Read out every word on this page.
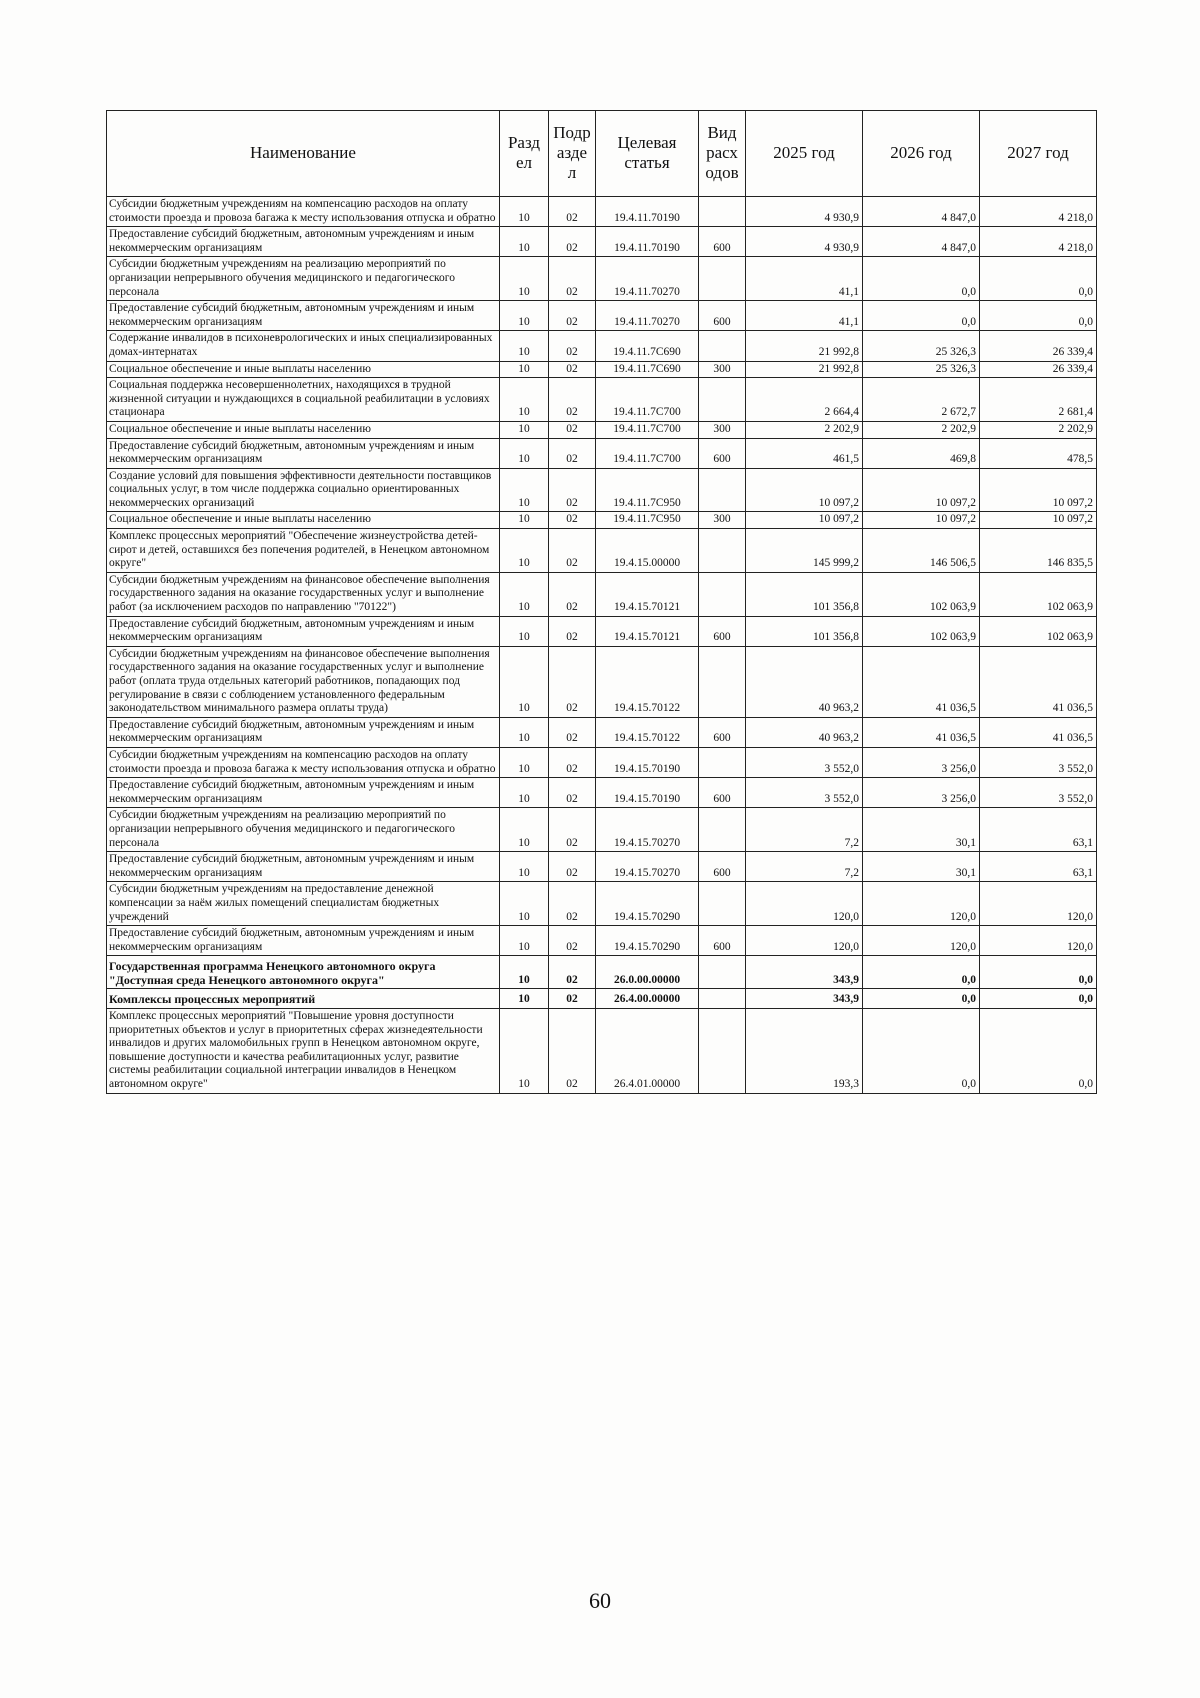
Наименование	Разд ел	Подр азде л	Целевая статья	Вид расх одов	2025 год	2026 год	2027 год
Субсидии бюджетным учреждениям на компенсацию расходов на оплату стоимости проезда и провоза багажа к месту использования отпуска и обратно	10	02	19.4.11.70190		4 930,9	4 847,0	4 218,0
Предоставление субсидий бюджетным, автономным учреждениям и иным некоммерческим организациям	10	02	19.4.11.70190	600	4 930,9	4 847,0	4 218,0
Субсидии бюджетным учреждениям на реализацию мероприятий по организации непрерывного обучения медицинского и педагогического персонала	10	02	19.4.11.70270		41,1	0,0	0,0
Предоставление субсидий бюджетным, автономным учреждениям и иным некоммерческим организациям	10	02	19.4.11.70270	600	41,1	0,0	0,0
Содержание инвалидов в психоневрологических и иных специализированных домах-интернатах	10	02	19.4.11.7С690		21 992,8	25 326,3	26 339,4
Социальное обеспечение и иные выплаты населению	10	02	19.4.11.7С690	300	21 992,8	25 326,3	26 339,4
Социальная поддержка несовершеннолетних, находящихся в трудной жизненной ситуации и нуждающихся в социальной реабилитации в условиях стационара	10	02	19.4.11.7С700		2 664,4	2 672,7	2 681,4
Социальное обеспечение и иные выплаты населению	10	02	19.4.11.7С700	300	2 202,9	2 202,9	2 202,9
Предоставление субсидий бюджетным, автономным учреждениям и иным некоммерческим организациям	10	02	19.4.11.7С700	600	461,5	469,8	478,5
Создание условий для повышения эффективности деятельности поставщиков социальных услуг, в том числе поддержка социально ориентированных некоммерческих организаций	10	02	19.4.11.7С950		10 097,2	10 097,2	10 097,2
Социальное обеспечение и иные выплаты населению	10	02	19.4.11.7С950	300	10 097,2	10 097,2	10 097,2
Комплекс процессных мероприятий "Обеспечение жизнеустройства детей-сирот и детей, оставшихся без попечения родителей, в Ненецком автономном округе"	10	02	19.4.15.00000		145 999,2	146 506,5	146 835,5
Субсидии бюджетным учреждениям на финансовое обеспечение выполнения государственного задания на оказание государственных услуг и выполнение работ (за исключением расходов по направлению "70122")	10	02	19.4.15.70121		101 356,8	102 063,9	102 063,9
Предоставление субсидий бюджетным, автономным учреждениям и иным некоммерческим организациям	10	02	19.4.15.70121	600	101 356,8	102 063,9	102 063,9
Субсидии бюджетным учреждениям на финансовое обеспечение выполнения государственного задания на оказание государственных услуг и выполнение работ (оплата труда отдельных категорий работников, попадающих под регулирование в связи с соблюдением установленного федеральным законодательством минимального размера оплаты труда)	10	02	19.4.15.70122		40 963,2	41 036,5	41 036,5
Предоставление субсидий бюджетным, автономным учреждениям и иным некоммерческим организациям	10	02	19.4.15.70122	600	40 963,2	41 036,5	41 036,5
Субсидии бюджетным учреждениям на компенсацию расходов на оплату стоимости проезда и провоза багажа к месту использования отпуска и обратно	10	02	19.4.15.70190		3 552,0	3 256,0	3 552,0
Предоставление субсидий бюджетным, автономным учреждениям и иным некоммерческим организациям	10	02	19.4.15.70190	600	3 552,0	3 256,0	3 552,0
Субсидии бюджетным учреждениям на реализацию мероприятий по организации непрерывного обучения медицинского и педагогического персонала	10	02	19.4.15.70270		7,2	30,1	63,1
Предоставление субсидий бюджетным, автономным учреждениям и иным некоммерческим организациям	10	02	19.4.15.70270	600	7,2	30,1	63,1
Субсидии бюджетным учреждениям на предоставление денежной компенсации за наём жилых помещений специалистам бюджетных учреждений	10	02	19.4.15.70290		120,0	120,0	120,0
Предоставление субсидий бюджетным, автономным учреждениям и иным некоммерческим организациям	10	02	19.4.15.70290	600	120,0	120,0	120,0
Государственная программа Ненецкого автономного округа "Доступная среда Ненецкого автономного округа"	10	02	26.0.00.00000		343,9	0,0	0,0
Комплексы процессных мероприятий	10	02	26.4.00.00000		343,9	0,0	0,0
Комплекс процессных мероприятий "Повышение уровня доступности приоритетных объектов и услуг в приоритетных сферах жизнедеятельности инвалидов и других маломобильных групп в Ненецком автономном округе, повышение доступности и качества реабилитационных услуг, развитие системы реабилитации социальной интеграции инвалидов в Ненецком автономном округе"	10	02	26.4.01.00000		193,3	0,0	0,0
60
